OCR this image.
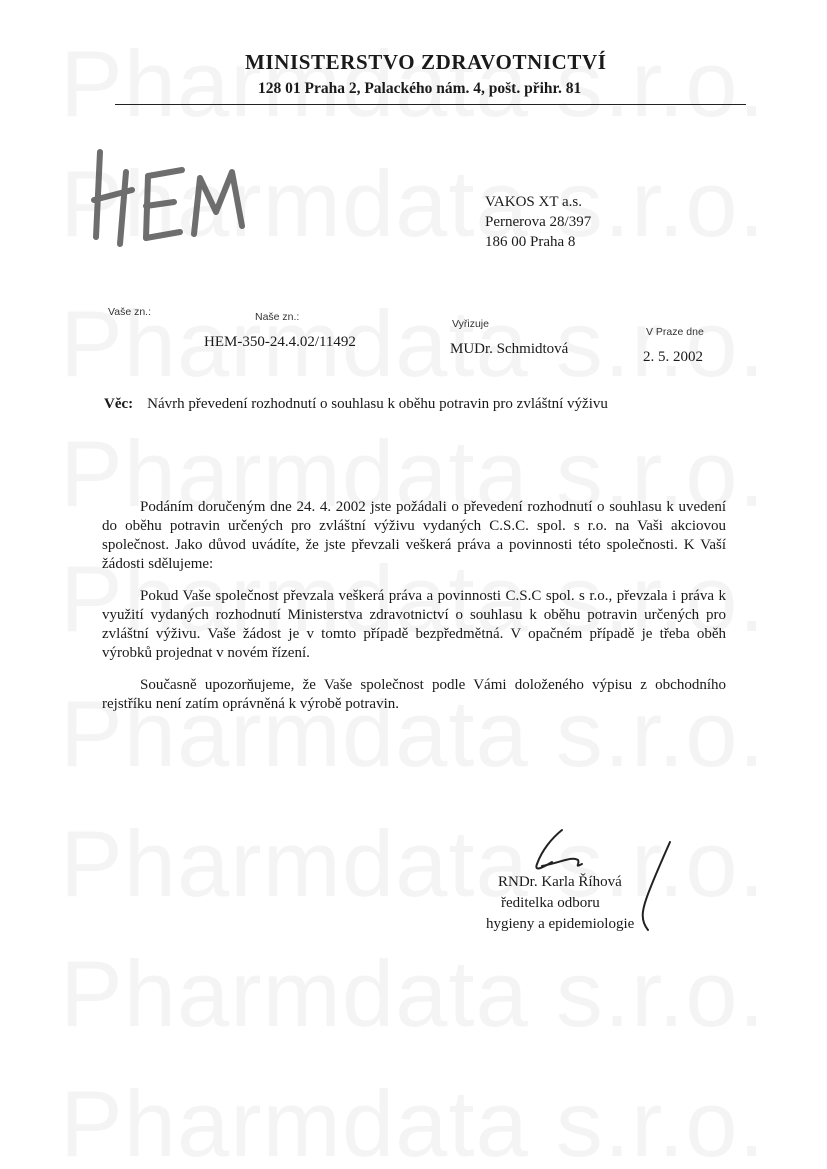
MINISTERSTVO ZDRAVOTNICTVÍ
128 01 Praha 2, Palackého nám. 4, pošt. přihr. 81
VAKOS XT a.s.
Pernerova 28/397
186 00 Praha 8
Vaše zn.:	Naše zn.:
HEM-350-24.4.02/11492
Vyřizuje
MUDr. Schmidtová
V Praze dne
2. 5. 2002
Věc: Návrh převedení rozhodnutí o souhlasu k oběhu potravin pro zvláštní výživu

Podáním doručeným dne 24. 4. 2002 jste požádali o převedení rozhodnutí o souhlasu k uvedení do oběhu potravin určených pro zvláštní výživu vydaných C.S.C. spol. s r.o. na Vaši akciovou společnost. Jako důvod uvádíte, že jste převzali veškerá práva a povinnosti této společnosti. K Vaší žádosti sdělujeme:

Pokud Vaše společnost převzala veškerá práva a povinnosti C.S.C spol. s r.o., převzala i práva k využití vydaných rozhodnutí Ministerstva zdravotnictví o souhlasu k oběhu potravin určených pro zvláštní výživu. Vaše žádost je v tomto případě bezpředmětná. V opačném případě je třeba oběh výrobků projednat v novém řízení.

Současně upozorňujeme, že Vaše společnost podle Vámi doloženého výpisu z obchodního rejstříku není zatím oprávněná k výrobě potravin.

RNDr. Karla Říhová
ředitelka odboru
hygieny a epidemiologie
